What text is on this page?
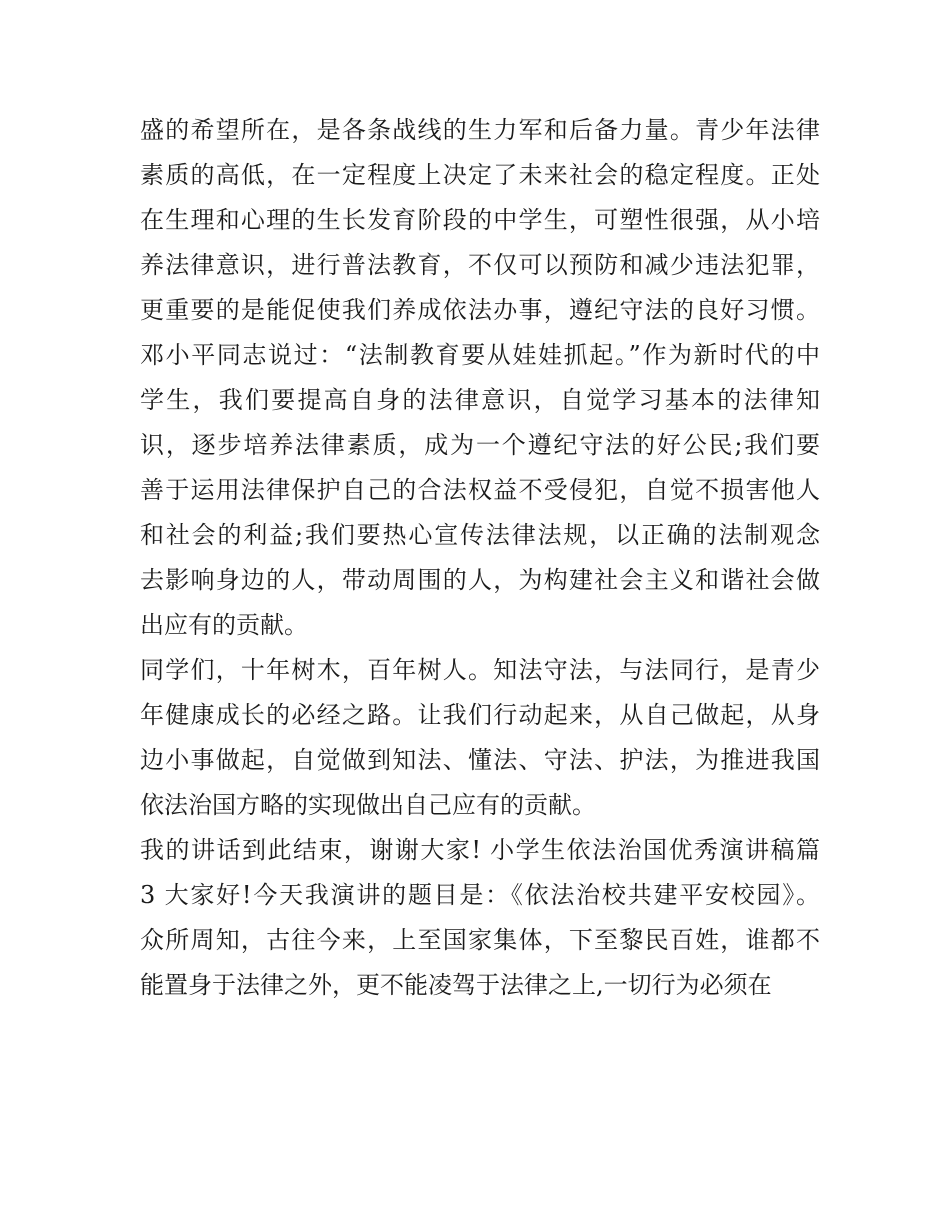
盛的希望所在，是各条战线的生力军和后备力量。青少年法律
素质的高低，在一定程度上决定了未来社会的稳定程度。正处
在生理和心理的生长发育阶段的中学生，可塑性很强，从小培
养法律意识，进行普法教育，不仅可以预防和减少违法犯罪，
更重要的是能促使我们养成依法办事，遵纪守法的良好习惯。
邓小平同志说过：“法制教育要从娃娃抓起。”作为新时代的中
学生，我们要提高自身的法律意识，自觉学习基本的法律知
识，逐步培养法律素质，成为一个遵纪守法的好公民;我们要
善于运用法律保护自己的合法权益不受侵犯，自觉不损害他人
和社会的利益;我们要热心宣传法律法规，以正确的法制观念
去影响身边的人，带动周围的人，为构建社会主义和谐社会做
出应有的贡献。
同学们，十年树木，百年树人。知法守法，与法同行，是青少
年健康成长的必经之路。让我们行动起来，从自己做起，从身
边小事做起，自觉做到知法、懂法、守法、护法，为推进我国
依法治国方略的实现做出自己应有的贡献。
我的讲话到此结束，谢谢大家! 小学生依法治国优秀演讲稿篇
3 大家好!今天我演讲的题目是：《依法治校共建平安校园》。
众所周知，古往今来，上至国家集体，下至黎民百姓，谁都不
能置身于法律之外，更不能凌驾于法律之上,一切行为必须在
